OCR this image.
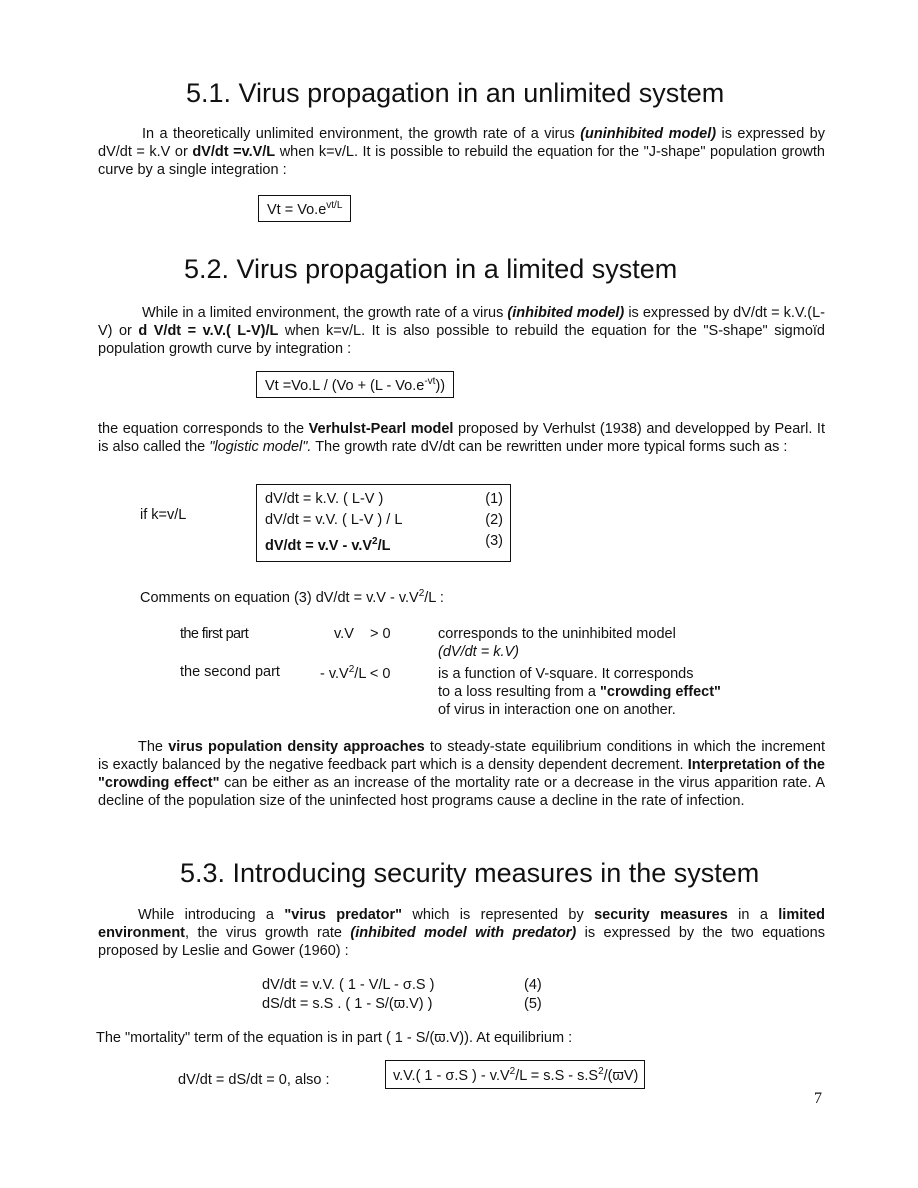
5.1. Virus propagation in an unlimited system
In a theoretically unlimited environment, the growth rate of a virus (uninhibited model) is expressed by dV/dt = k.V or dV/dt =v.V/L when k=v/L. It is possible to rebuild the equation for the "J-shape" population growth curve by a single integration :
$Vt = Vo.e^{vt/L}$
5.2. Virus propagation in a limited system
While in a limited environment, the growth rate of a virus (inhibited model) is expressed by dV/dt = k.V.(L-V) or d V/dt = v.V.( L-V)/L when k=v/L. It is also possible to rebuild the equation for the "S-shape" sigmoïd population growth curve by integration :
$Vt =Vo.L / (Vo + (L - Vo.e^{-vt}))$
the equation corresponds to the Verhulst-Pearl model proposed by Verhulst (1938) and developped by Pearl. It is also called the "logistic model". The growth rate dV/dt can be rewritten under more typical forms such as :
if k=v/L
dV/dt = k.V. ( L-V )	(1)
dV/dt = v.V. ( L-V ) / L	(2)
$dV/dt = v.V - v.V^2/L$	(3)
Comments on equation (3) $dV/dt = v.V - v.V^2/L$ :
the first part	v.V    > 0	corresponds to the uninhibited model
(dV/dt = k.V)
the second part	- $v.V^2/L < 0$	is a function of V-square. It corresponds
to a loss resulting from a "crowding effect"
of virus in interaction one on another.
The virus population density approaches to steady-state equilibrium conditions in which the increment is exactly balanced by the negative feedback part which is a density dependent decrement. Interpretation of the "crowding effect" can be either as an increase of the mortality rate or a decrease in the virus apparition rate. A decline of the population size of the uninfected host programs cause a decline in the rate of infection.
5.3. Introducing security measures in the system
While introducing a "virus predator" which is represented by security measures in a limited environment, the virus growth rate (inhibited model with predator) is expressed by the two equations proposed by Leslie and Gower (1960) :
dV/dt = v.V. ( 1 - V/L - σ.S )	(4)
dS/dt = s.S . ( 1 - S/(ϖ.V) )	(5)
The "mortality" term of the equation is in part ( 1 - S/(ϖ.V)). At equilibrium :
dV/dt = dS/dt = 0, also :	v.V.( 1 - σ.S ) - $v.V^2/L = s.S - s.S^2/(ϖV)$
7
